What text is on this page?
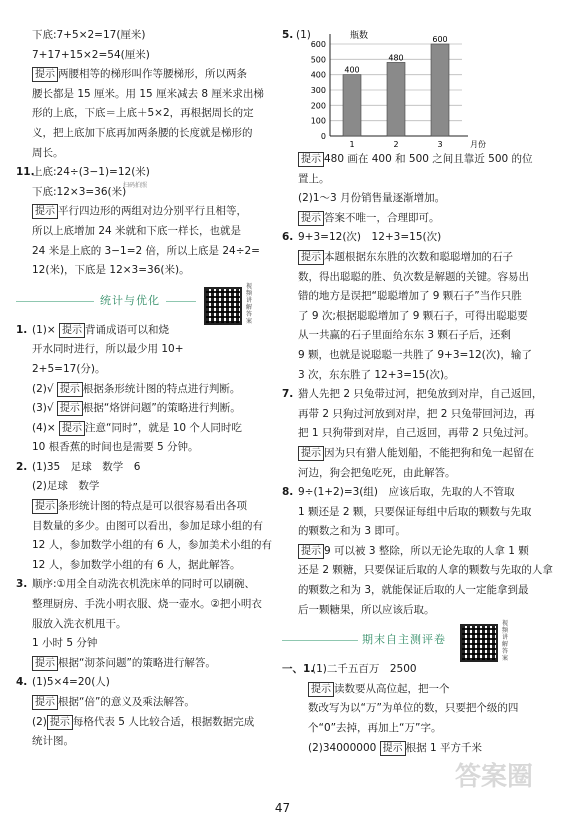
下底:7+5×2=17(厘米)
7+17+15×2=54(厘米)
提示 两腰相等的梯形叫作等腰梯形，所以两条
腰长都是 15 厘米。用 15 厘米减去 8 厘米求出梯
形的上底，下底＝上底＋5×2，再根据周长的定
义，把上底加下底再加两条腰的长度就是梯形的
周长。
11.上底:24÷(3−1)=12(米)
下底:12×3=36(米)
提示 平行四边形的两组对边分别平行且相等，
所以上底增加 24 米就和下底一样长，也就是
24 米是上底的 3−1=2 倍，所以上底是 24÷2=
12(米)，下底是 12×3=36(米)。
统计与优化
视频讲解答案
1. (1)× 提示 背诵成语可以和烧
开水同时进行，所以最少用 10+
2+5=17(分)。
(2)√ 提示 根据条形统计图的特点进行判断。
(3)√ 提示 根据“烙饼问题”的策略进行判断。
(4)× 提示 注意“同时”，就是 10 个人同时吃
10 根香蕉的时间也是需要 5 分钟。
2. (1)35　足球　数学　6
(2)足球　数学
提示 条形统计图的特点是可以很容易看出各项
目数量的多少。由图可以看出，参加足球小组的有
12 人，参加数学小组的有 6 人，参加美术小组的有
12 人，参加数学小组的有 6 人，据此解答。
3. 顺序:①用全自动洗衣机洗床单的同时可以刷碗、
整理厨房、手洗小明衣服、烧一壶水。②把小明衣
服放入洗衣机甩干。
1 小时 5 分钟
提示 根据“沏茶问题”的策略进行解答。
4. (1)5×4=20(人)
提示 根据“倍”的意义及乘法解答。
(2) 提示 每格代表 5 人比较合适，根据数据完成
统计图。
扫码拍照
5. (1)
0
100
200
300
400
500
600
瓶数
400
1
480
2
600
3	月份
提示 480 画在 400 和 500 之间且靠近 500 的位
置上。
(2)1～3 月份销售量逐渐增加。
提示 答案不唯一，合理即可。
6. 9+3=12(次)　12+3=15(次)
提示 本题根据东东胜的次数和聪聪增加的石子
数，得出聪聪的胜、负次数是解题的关键。容易出
错的地方是误把“聪聪增加了 9 颗石子”当作只胜
了 9 次;根据聪聪增加了 9 颗石子，可得出聪聪要
从一共赢的石子里面给东东 3 颗石子后，还剩
9 颗，也就是说聪聪一共胜了 9+3=12(次)，输了
3 次，东东胜了 12+3=15(次)。
7. 猎人先把 2 只兔带过河，把兔放到对岸，自己返回，
再带 2 只狗过河放到对岸，把 2 只兔带回河边，再
把 1 只狗带到对岸，自己返回，再带 2 只兔过河。
提示 因为只有猎人能划船，不能把狗和兔一起留在
河边，狗会把兔吃死，由此解答。
8. 9÷(1+2)=3(组)　应该后取，先取的人不管取
1 颗还是 2 颗，只要保证每组中后取的颗数与先取
的颗数之和为 3 即可。
提示 9 可以被 3 整除，所以无论先取的人拿 1 颗
还是 2 颗糖，只要保证后取的人拿的颗数与先取的人拿
的颗数之和为 3，就能保证后取的人一定能拿到最
后一颗糖果，所以应该后取。
期末自主测评卷
视频讲解答案
一、1.(1)二千五百万　2500
提示 读数要从高位起，把一个
数改写为以“万”为单位的数，只要把个级的四
个“0”去掉，再加上“万”字。
(2)34000000 提示 根据 1 平方千米
答案圈
47
